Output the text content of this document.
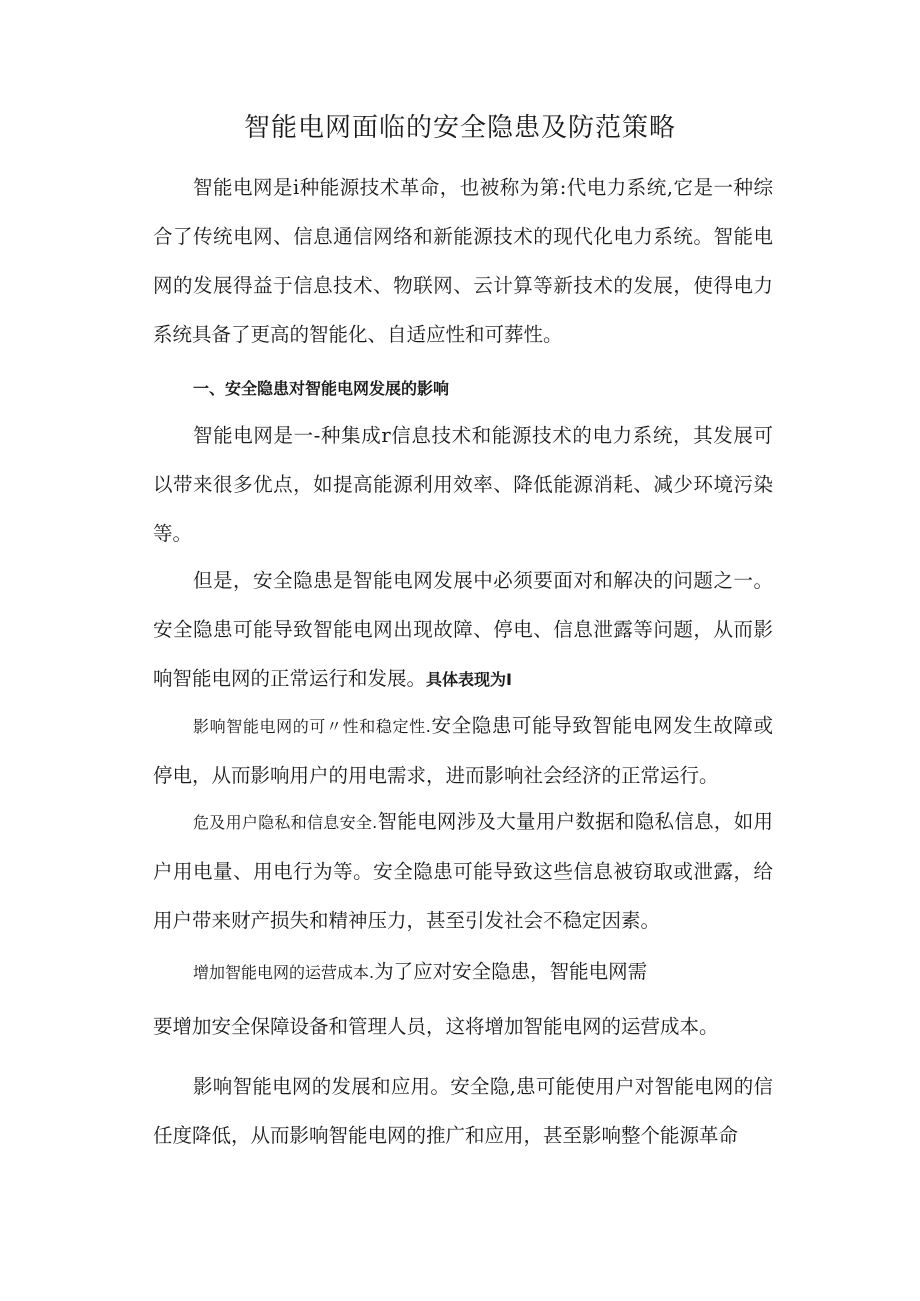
智能电网面临的安全隐患及防范策略

智能电网是i种能源技术革命，也被称为第:代电力系统,它是一种综合了传统电网、信息通信网络和新能源技术的现代化电力系统。智能电网的发展得益于信息技术、物联网、云计算等新技术的发展，使得电力系统具备了更高的智能化、自适应性和可葬性。

一、安全隐患对智能电网发展的影响

智能电网是一-种集成r信息技术和能源技术的电力系统，其发展可以带来很多优点，如提高能源利用效率、降低能源消耗、减少环境污染等。

但是，安全隐患是智能电网发展中必须要面对和解决的问题之一。安全隐患可能导致智能电网出现故障、停电、信息泄露等问题，从而影响智能电网的正常运行和发展。具体表现为I

影响智能电网的可〃性和稳定性.安全隐患可能导致智能电网发生故障或停电，从而影响用户的用电需求，进而影响社会经济的正常运行。

危及用户隐私和信息安全.智能电网涉及大量用户数据和隐私信息，如用户用电量、用电行为等。安全隐患可能导致这些信息被窃取或泄露，给用户带来财产损失和精神压力，甚至引发社会不稳定因素。

增加智能电网的运营成本.为了应对安全隐患，智能电网需

要增加安全保障设备和管理人员，这将增加智能电网的运营成本。

影响智能电网的发展和应用。安全隐,患可能使用户对智能电网的信任度降低，从而影响智能电网的推广和应用，甚至影响整个能源革命
